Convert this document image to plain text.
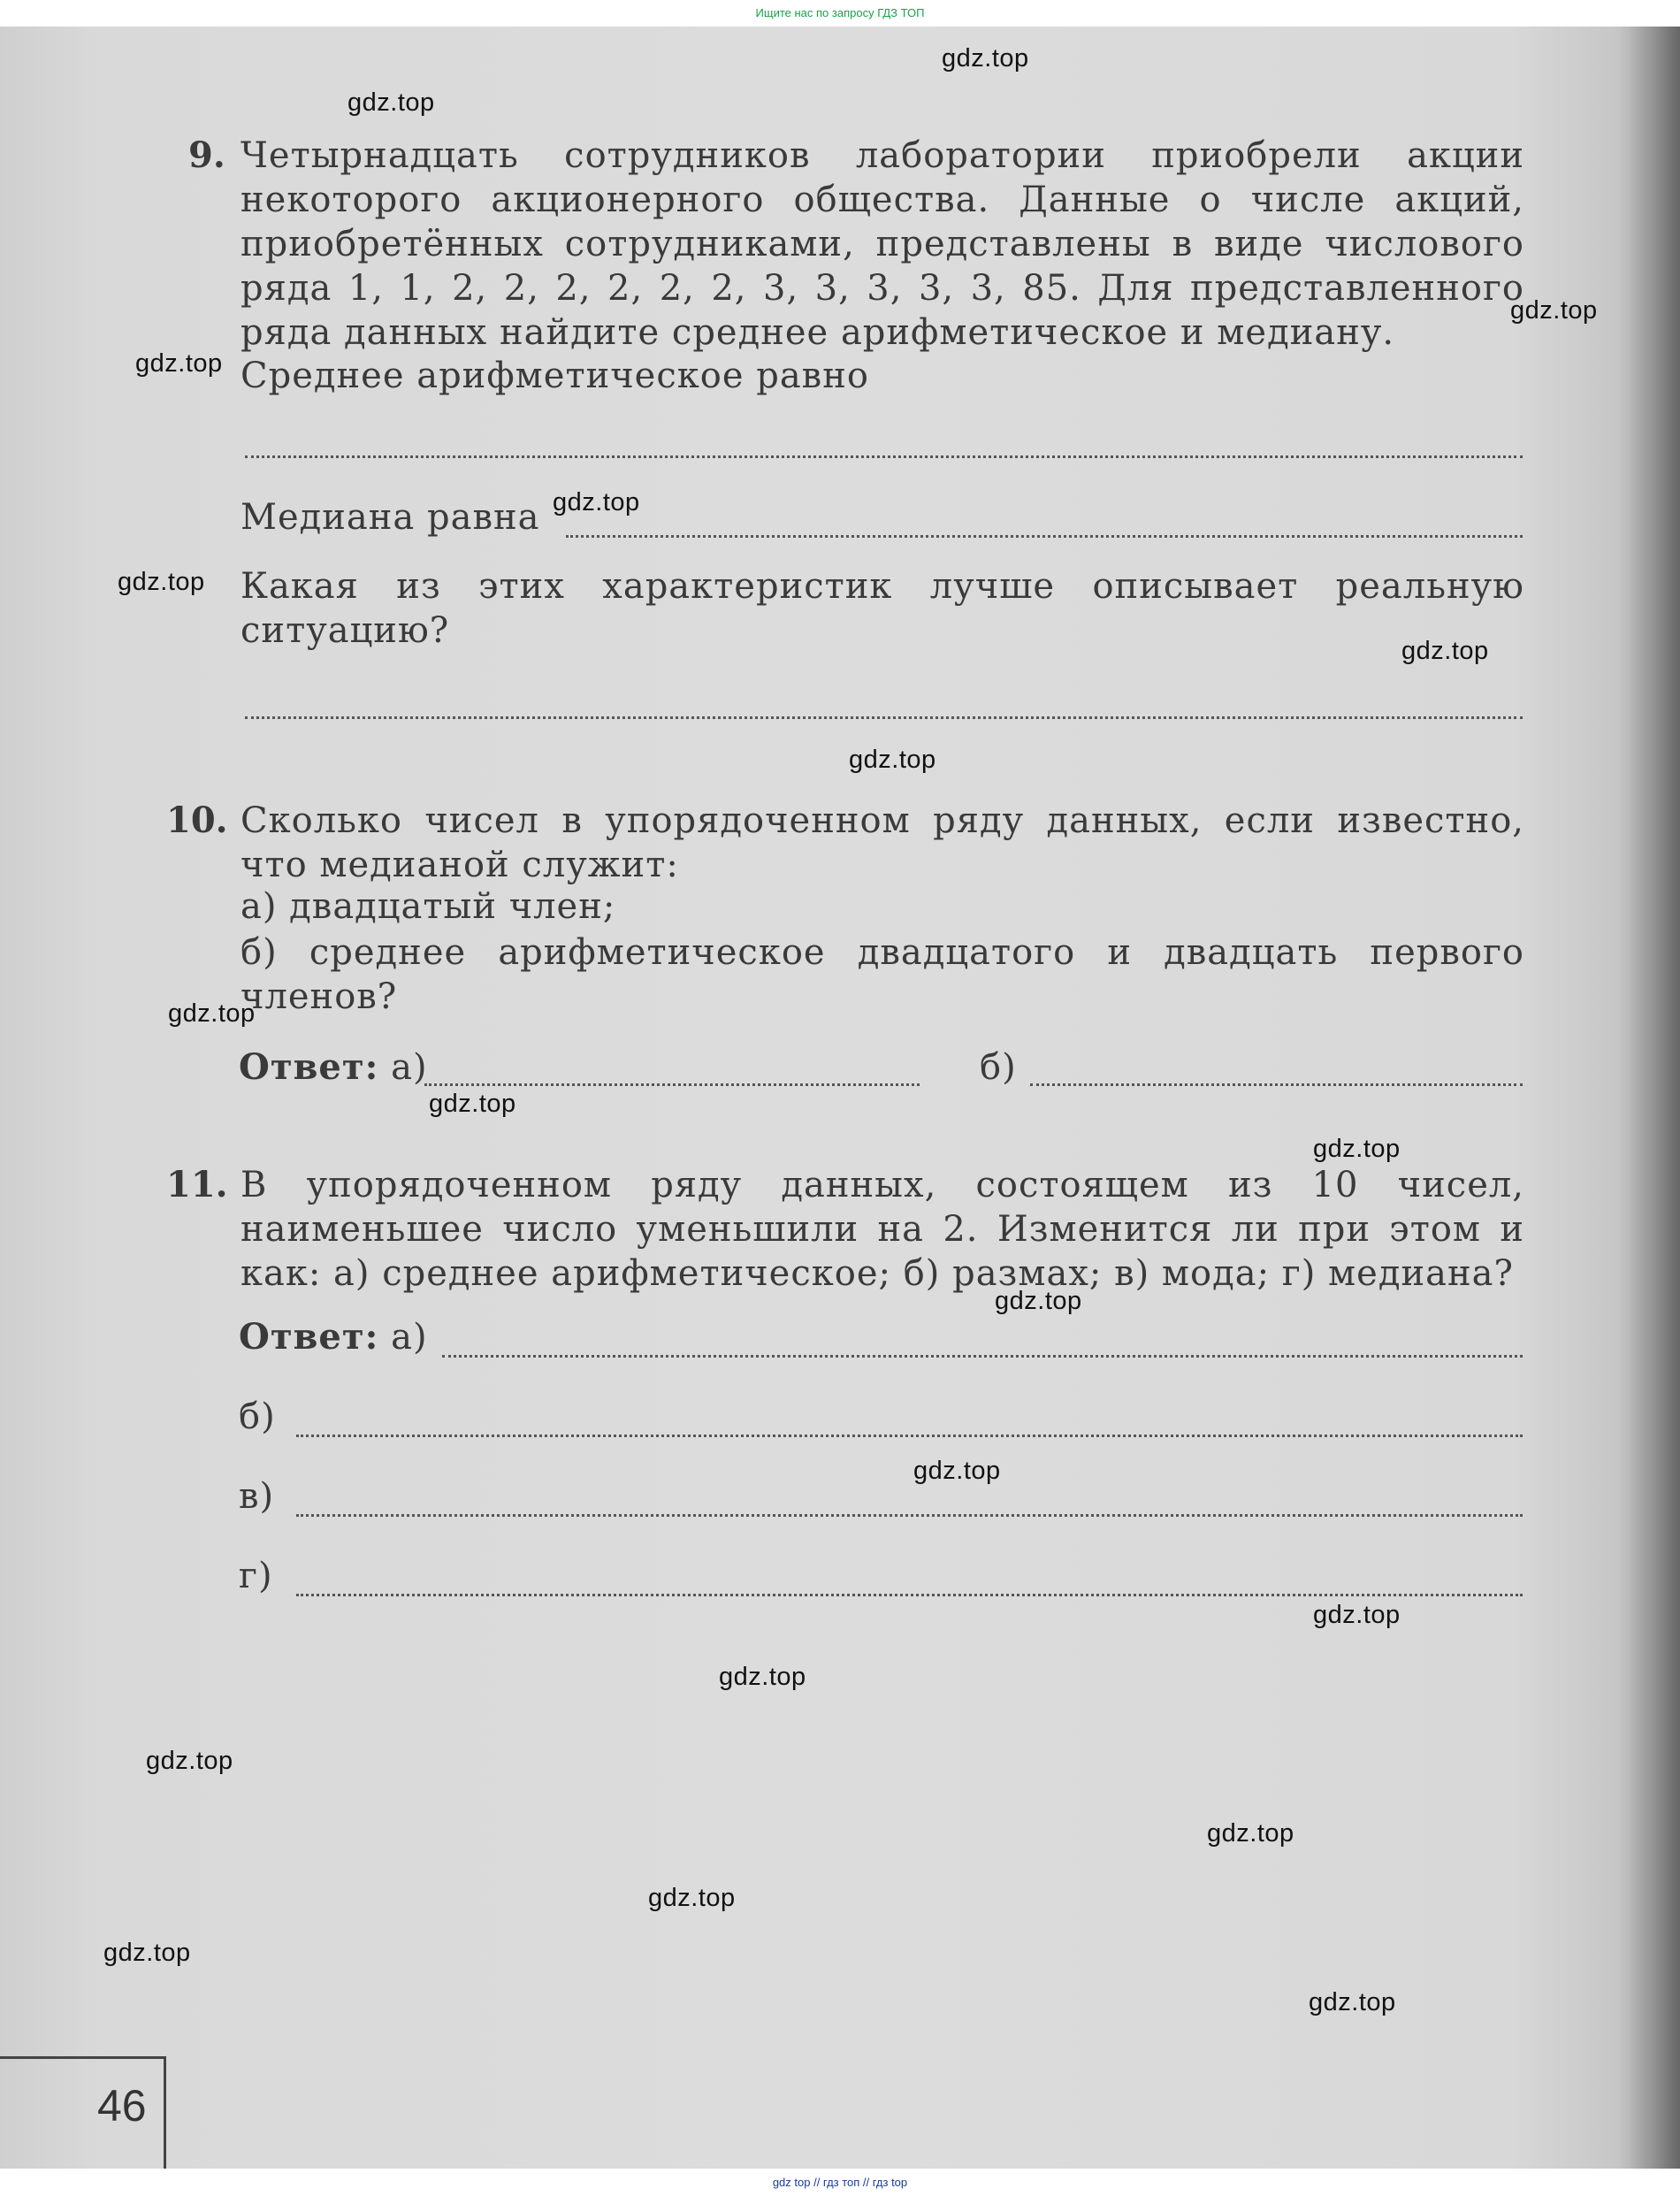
Ищите нас по запросу ГДЗ ТОП
9. Четырнадцать сотрудников лаборатории приобрели акции некоторого акционерного общества. Данные о числе акций, приобретённых сотрудниками, представлены в виде числового ряда 1, 1, 2, 2, 2, 2, 2, 2, 3, 3, 3, 3, 3, 85. Для представленного ряда данных найдите среднее арифметическое и медиану.
Среднее арифметическое равно
Медиана равна
Какая из этих характеристик лучше описывает реальную ситуацию?
10. Сколько чисел в упорядоченном ряду данных, если известно, что медианой служит:
а) двадцатый член;
б) среднее арифметическое двадцатого и двадцать первого членов?
Ответ: а)	б)
11. В упорядоченном ряду данных, состоящем из 10 чисел, наименьшее число уменьшили на 2. Изменится ли при этом и как: а) среднее арифметическое; б) размах; в) мода; г) медиана?
Ответ: а)
б)
в)
г)
46
gdz.top
gdz.top
gdz.top
gdz.top
gdz.top
gdz.top
gdz.top
gdz.top
gdz.top
gdz.top
gdz.top
gdz.top
gdz.top
gdz.top
gdz.top
gdz.top
gdz.top
gdz.top
gdz.top
gdz.top
gdz top // гдз топ // гдз top
